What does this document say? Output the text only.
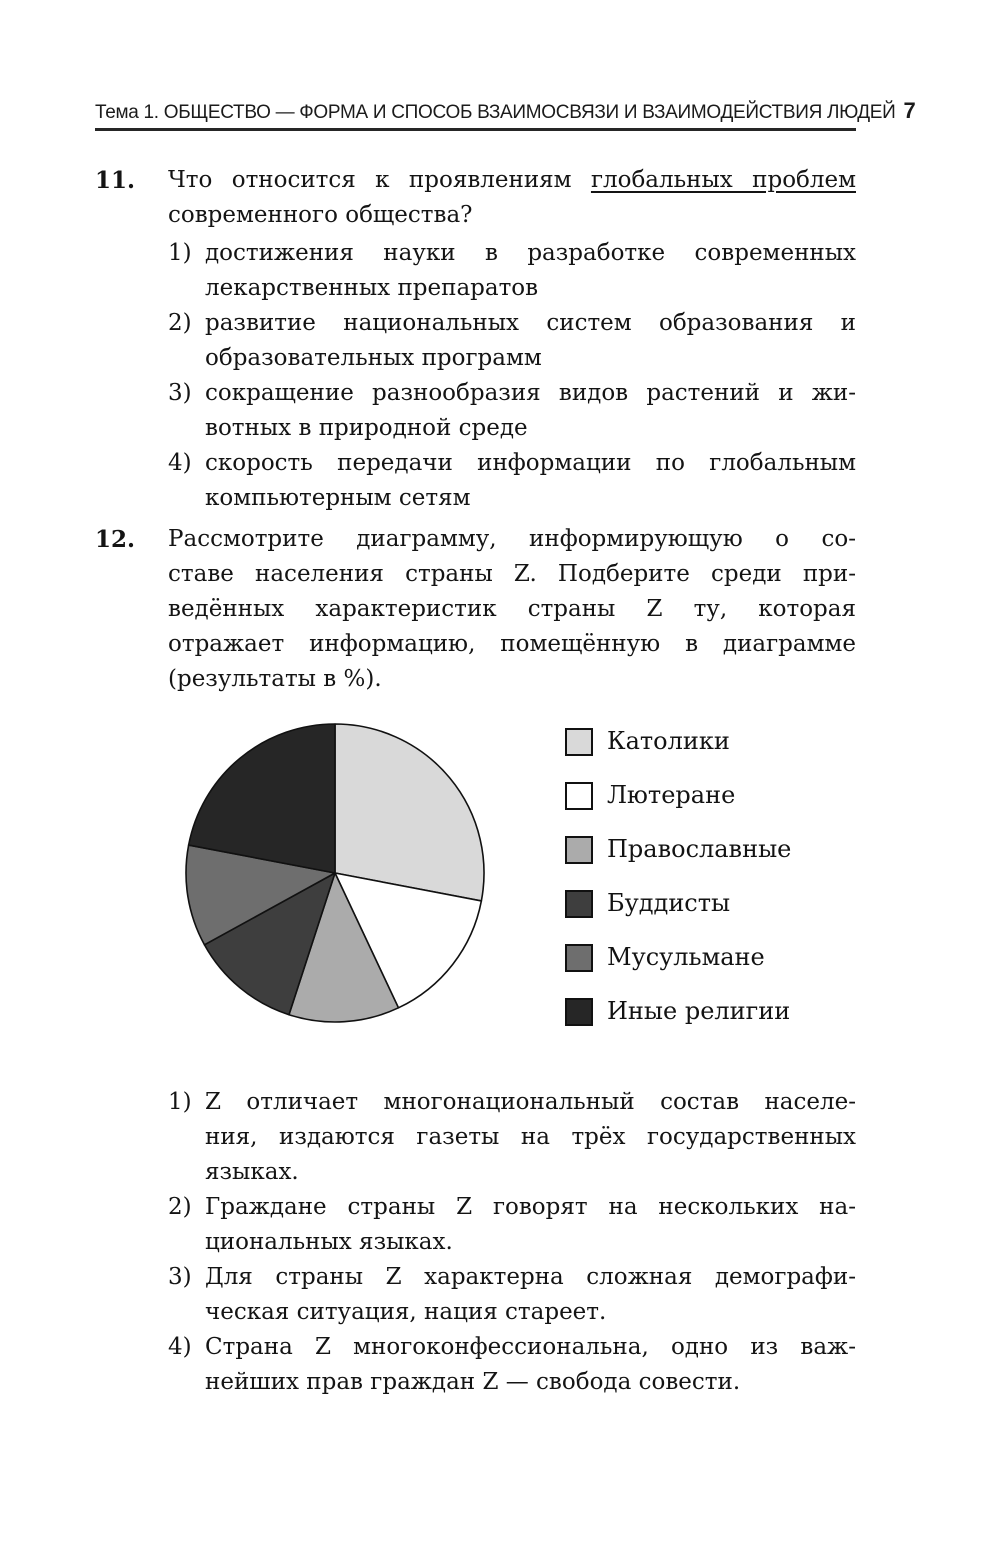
Тема 1. ОБЩЕСТВО — ФОРМА И СПОСОБ ВЗАИМОСВЯЗИ И ВЗАИМОДЕЙСТВИЯ ЛЮДЕЙ 7
11.	Что относится к проявлениям глобальных проблем
современного общества?
1) достижения науки в разработке современных
лекарственных препаратов
2) развитие национальных систем образования и
образовательных программ
3) сокращение разнообразия видов растений и жи-
вотных в природной среде
4) скорость передачи информации по глобальным
компьютерным сетям
12.	Рассмотрите диаграмму, информирующую о со-
ставе населения страны Z. Подберите среди при-
ведённых характеристик страны Z ту, которая
отражает информацию, помещённую в диаграмме
(результаты в %).
1) Z отличает многонациональный состав населе-
ния, издаются газеты на трёх государственных
языках.
2) Граждане страны Z говорят на нескольких на-
циональных языках.
3) Для страны Z характерна сложная демографи-
ческая ситуация, нация стареет.
4) Страна Z многоконфессиональна, одно из важ-
нейших прав граждан Z — свобода совести.
Католики
Лютеране
Православные
Буддисты
Мусульмане
Иные религии
